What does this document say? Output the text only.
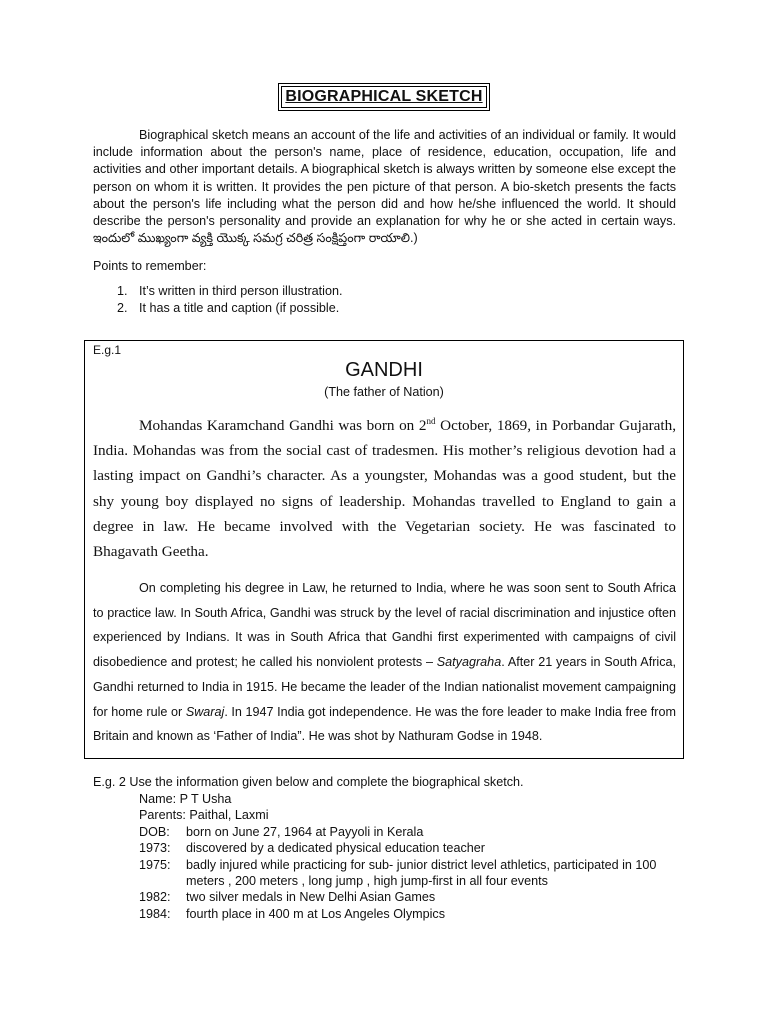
BIOGRAPHICAL SKETCH

Biographical sketch means an account of the life and activities of an individual or family. It would include information about the person's name, place of residence, education, occupation, life and activities and other important details. A biographical sketch is always written by someone else except the person on whom it is written. It provides the pen picture of that person. A bio-sketch presents the facts about the person's life including what the person did and how he/she influenced the world. It should describe the person's personality and provide an explanation for why he or she acted in certain ways. ఇందులో ముఖ్యంగా వ్యక్తి యొక్క సమగ్ర చరిత్ర సంక్షిప్తంగా రాయాలి.)

Points to remember:

1. It’s written in third person illustration.
2. It has a title and caption (if possible.
E.g.1
GANDHI
(The father of Nation)

Mohandas Karamchand Gandhi was born on 2nd October, 1869, in Porbandar Gujarath, India. Mohandas was from the social cast of tradesmen. His mother’s religious devotion had a lasting impact on Gandhi’s character. As a youngster, Mohandas was a good student, but the shy young boy displayed no signs of leadership. Mohandas travelled to England to gain a degree in law. He became involved with the Vegetarian society. He was fascinated to Bhagavath Geetha.

On completing his degree in Law, he returned to India, where he was soon sent to South Africa to practice law. In South Africa, Gandhi was struck by the level of racial discrimination and injustice often experienced by Indians. It was in South Africa that Gandhi first experimented with campaigns of civil disobedience and protest; he called his nonviolent protests – Satyagraha. After 21 years in South Africa, Gandhi returned to India in 1915. He became the leader of the Indian nationalist movement campaigning for home rule or Swaraj. In 1947 India got independence. He was the fore leader to make India free from Britain and known as ‘Father of India”. He was shot by Nathuram Godse in 1948.

E.g. 2 Use the information given below and complete the biographical sketch.

Name: P T Usha
Parents: Paithal, Laxmi
DOB:	born on June 27, 1964 at Payyoli in Kerala
1973:	discovered by a dedicated physical education teacher
1975:	badly injured while practicing for sub- junior district level athletics, participated in 100 meters , 200 meters , long jump , high jump-first in all four events
1982:	two silver medals in New Delhi Asian Games
1984:	fourth place in 400 m at Los Angeles Olympics
